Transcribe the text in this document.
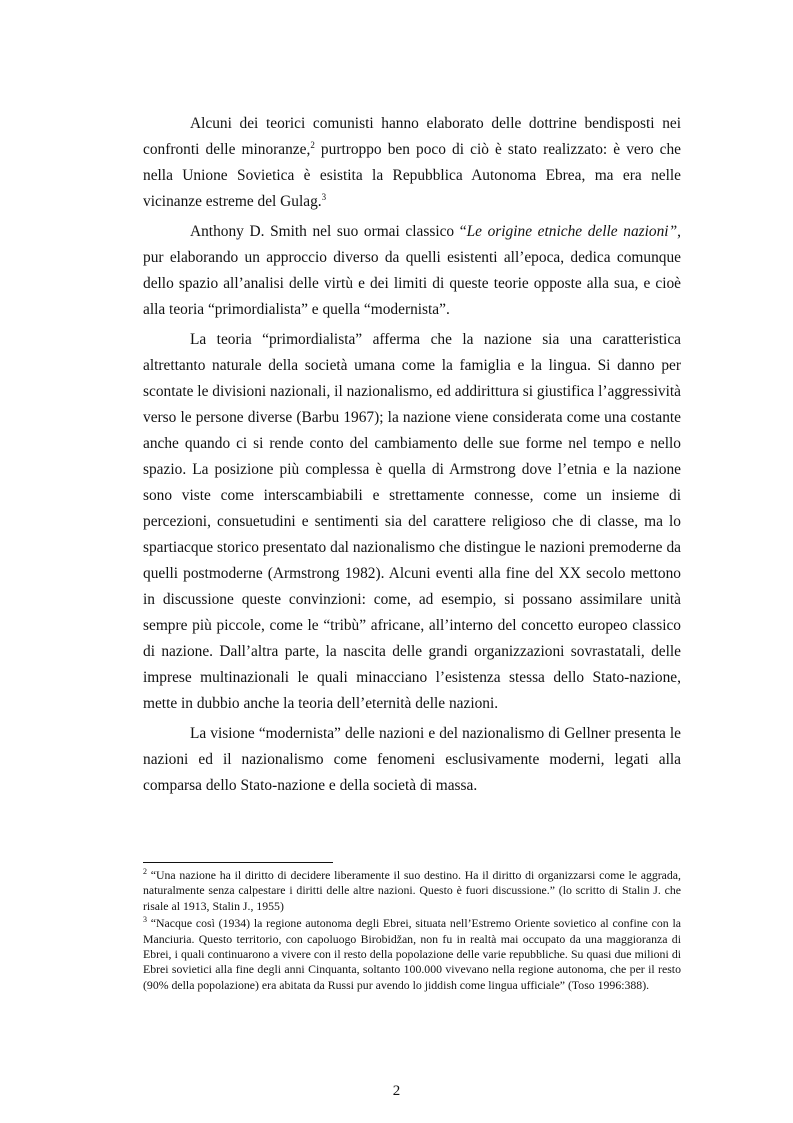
Alcuni dei teorici comunisti hanno elaborato delle dottrine bendisposti nei confronti delle minoranze,$^2$ purtroppo ben poco di ciò è stato realizzato: è vero che nella Unione Sovietica è esistita la Repubblica Autonoma Ebrea, ma era nelle vicinanze estreme del Gulag.$^3$

Anthony D. Smith nel suo ormai classico “Le origine etniche delle nazioni”, pur elaborando un approccio diverso da quelli esistenti all’epoca, dedica comunque dello spazio all’analisi delle virtù e dei limiti di queste teorie opposte alla sua, e cioè alla teoria “primordialista” e quella “modernista”.

La teoria “primordialista” afferma che la nazione sia una caratteristica altrettanto naturale della società umana come la famiglia e la lingua. Si danno per scontate le divisioni nazionali, il nazionalismo, ed addirittura si giustifica l’aggressività verso le persone diverse (Barbu 1967); la nazione viene considerata come una costante anche quando ci si rende conto del cambiamento delle sue forme nel tempo e nello spazio. La posizione più complessa è quella di Armstrong dove l’etnia e la nazione sono viste come interscambiabili e strettamente connesse, come un insieme di percezioni, consuetudini e sentimenti sia del carattere religioso che di classe, ma lo spartiacque storico presentato dal nazionalismo che distingue le nazioni premoderne da quelli postmoderne (Armstrong 1982). Alcuni eventi alla fine del XX secolo mettono in discussione queste convinzioni: come, ad esempio, si possano assimilare unità sempre più piccole, come le “tribù” africane, all’interno del concetto europeo classico di nazione. Dall’altra parte, la nascita delle grandi organizzazioni sovrastatali, delle imprese multinazionali le quali minacciano l’esistenza stessa dello Stato-nazione, mette in dubbio anche la teoria dell’eternità delle nazioni.

La visione “modernista” delle nazioni e del nazionalismo di Gellner presenta le nazioni ed il nazionalismo come fenomeni esclusivamente moderni, legati alla comparsa dello Stato-nazione e della società di massa.

$^2$ “Una nazione ha il diritto di decidere liberamente il suo destino. Ha il diritto di organizzarsi come le aggrada, naturalmente senza calpestare i diritti delle altre nazioni. Questo è fuori discussione.” (lo scritto di Stalin J. che risale al 1913, Stalin J., 1955)

$^3$ “Nacque così (1934) la regione autonoma degli Ebrei, situata nell’Estremo Oriente sovietico al confine con la Manciuria. Questo territorio, con capoluogo Birobidžan, non fu in realtà mai occupato da una maggioranza di Ebrei, i quali continuarono a vivere con il resto della popolazione delle varie repubbliche. Su quasi due milioni di Ebrei sovietici alla fine degli anni Cinquanta, soltanto 100.000 vivevano nella regione autonoma, che per il resto (90% della popolazione) era abitata da Russi pur avendo lo jiddish come lingua ufficiale” (Toso 1996:388).

2
